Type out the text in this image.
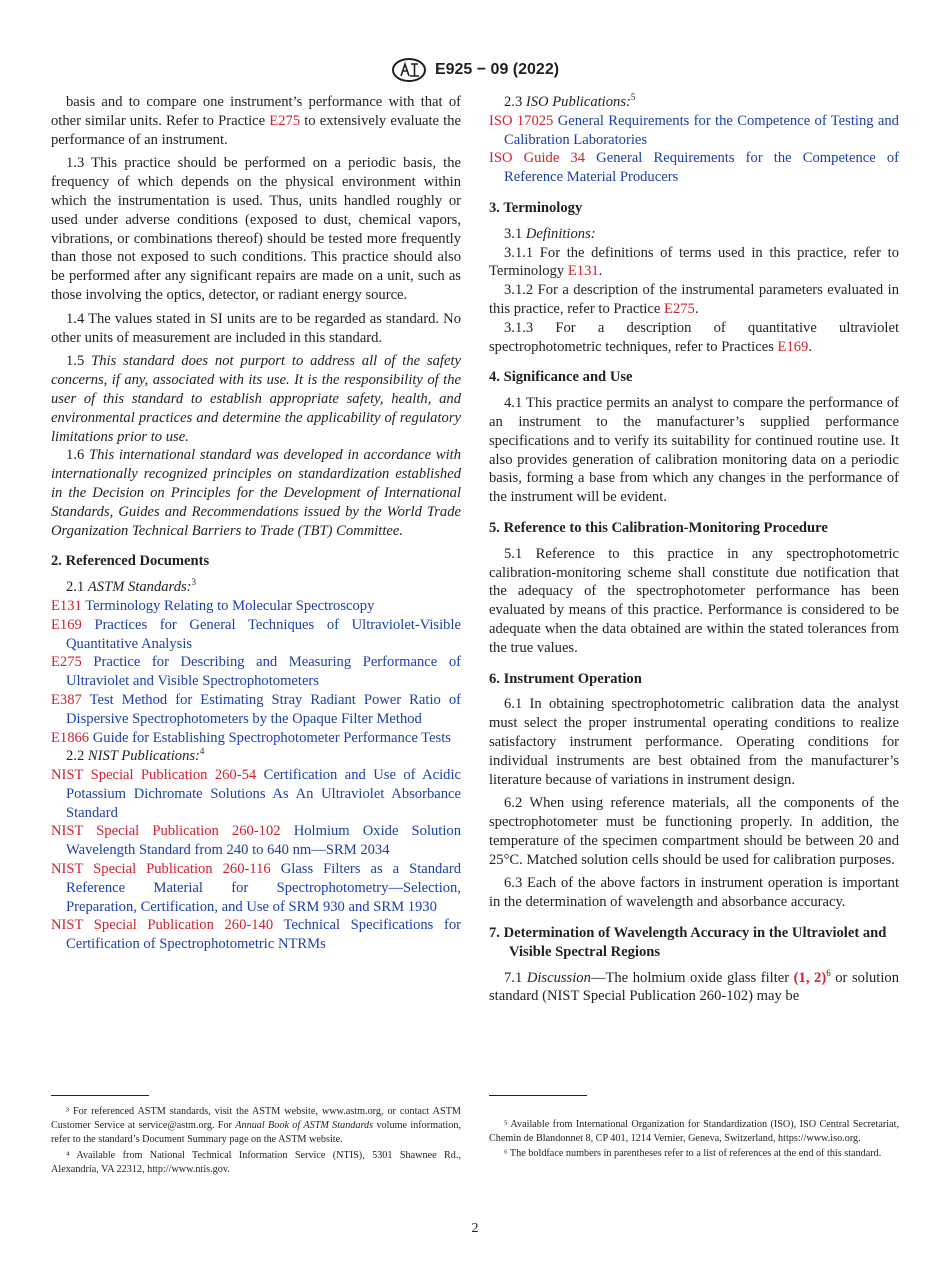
E925 − 09 (2022)

basis and to compare one instrument’s performance with that of other similar units. Refer to Practice E275 to extensively evaluate the performance of an instrument.

1.3 This practice should be performed on a periodic basis, the frequency of which depends on the physical environment within which the instrumentation is used. Thus, units handled roughly or used under adverse conditions (exposed to dust, chemical vapors, vibrations, or combinations thereof) should be tested more frequently than those not exposed to such conditions. This practice should also be performed after any significant repairs are made on a unit, such as those involving the optics, detector, or radiant energy source.

1.4 The values stated in SI units are to be regarded as standard. No other units of measurement are included in this standard.

1.5 This standard does not purport to address all of the safety concerns, if any, associated with its use. It is the responsibility of the user of this standard to establish appropriate safety, health, and environmental practices and determine the applicability of regulatory limitations prior to use.

1.6 This international standard was developed in accordance with internationally recognized principles on standardization established in the Decision on Principles for the Development of International Standards, Guides and Recommendations issued by the World Trade Organization Technical Barriers to Trade (TBT) Committee.

2. Referenced Documents

2.1 ASTM Standards:$^3$

E131 Terminology Relating to Molecular Spectroscopy

E169 Practices for General Techniques of Ultraviolet-Visible Quantitative Analysis

E275 Practice for Describing and Measuring Performance of Ultraviolet and Visible Spectrophotometers

E387 Test Method for Estimating Stray Radiant Power Ratio of Dispersive Spectrophotometers by the Opaque Filter Method

E1866 Guide for Establishing Spectrophotometer Performance Tests

2.2 NIST Publications:$^4$

NIST Special Publication 260-54 Certification and Use of Acidic Potassium Dichromate Solutions As An Ultraviolet Absorbance Standard

NIST Special Publication 260-102 Holmium Oxide Solution Wavelength Standard from 240 to 640 nm—SRM 2034

NIST Special Publication 260-116 Glass Filters as a Standard Reference Material for Spectrophotometry—Selection, Preparation, Certification, and Use of SRM 930 and SRM 1930

NIST Special Publication 260-140 Technical Specifications for Certification of Spectrophotometric NTRMs

2.3 ISO Publications:$^5$

ISO 17025 General Requirements for the Competence of Testing and Calibration Laboratories

ISO Guide 34 General Requirements for the Competence of Reference Material Producers

3. Terminology

3.1 Definitions:

3.1.1 For the definitions of terms used in this practice, refer to Terminology E131.

3.1.2 For a description of the instrumental parameters evaluated in this practice, refer to Practice E275.

3.1.3 For a description of quantitative ultraviolet spectrophotometric techniques, refer to Practices E169.

4. Significance and Use

4.1 This practice permits an analyst to compare the performance of an instrument to the manufacturer’s supplied performance specifications and to verify its suitability for continued routine use. It also provides generation of calibration monitoring data on a periodic basis, forming a base from which any changes in the performance of the instrument will be evident.

5. Reference to this Calibration-Monitoring Procedure

5.1 Reference to this practice in any spectrophotometric calibration-monitoring scheme shall constitute due notification that the adequacy of the spectrophotometer performance has been evaluated by means of this practice. Performance is considered to be adequate when the data obtained are within the stated tolerances from the true values.

6. Instrument Operation

6.1 In obtaining spectrophotometric calibration data the analyst must select the proper instrumental operating conditions to realize satisfactory instrument performance. Operating conditions for individual instruments are best obtained from the manufacturer’s literature because of variations in instrument design.

6.2 When using reference materials, all the components of the spectrophotometer must be functioning properly. In addition, the temperature of the specimen compartment should be between 20 and 25°C. Matched solution cells should be used for calibration purposes.

6.3 Each of the above factors in instrument operation is important in the determination of wavelength and absorbance accuracy.

7. Determination of Wavelength Accuracy in the Ultraviolet and Visible Spectral Regions

7.1 Discussion—The holmium oxide glass filter (1, 2)$^6$ or solution standard (NIST Special Publication 260-102) may be

³ For referenced ASTM standards, visit the ASTM website, www.astm.org, or contact ASTM Customer Service at service@astm.org. For Annual Book of ASTM Standards volume information, refer to the standard’s Document Summary page on the ASTM website.

⁴ Available from National Technical Information Service (NTIS), 5301 Shawnee Rd., Alexandria, VA 22312, http://www.ntis.gov.

⁵ Available from International Organization for Standardization (ISO), ISO Central Secretariat, Chemin de Blandonnet 8, CP 401, 1214 Vernier, Geneva, Switzerland, https://www.iso.org.

⁶ The boldface numbers in parentheses refer to a list of references at the end of this standard.

2
